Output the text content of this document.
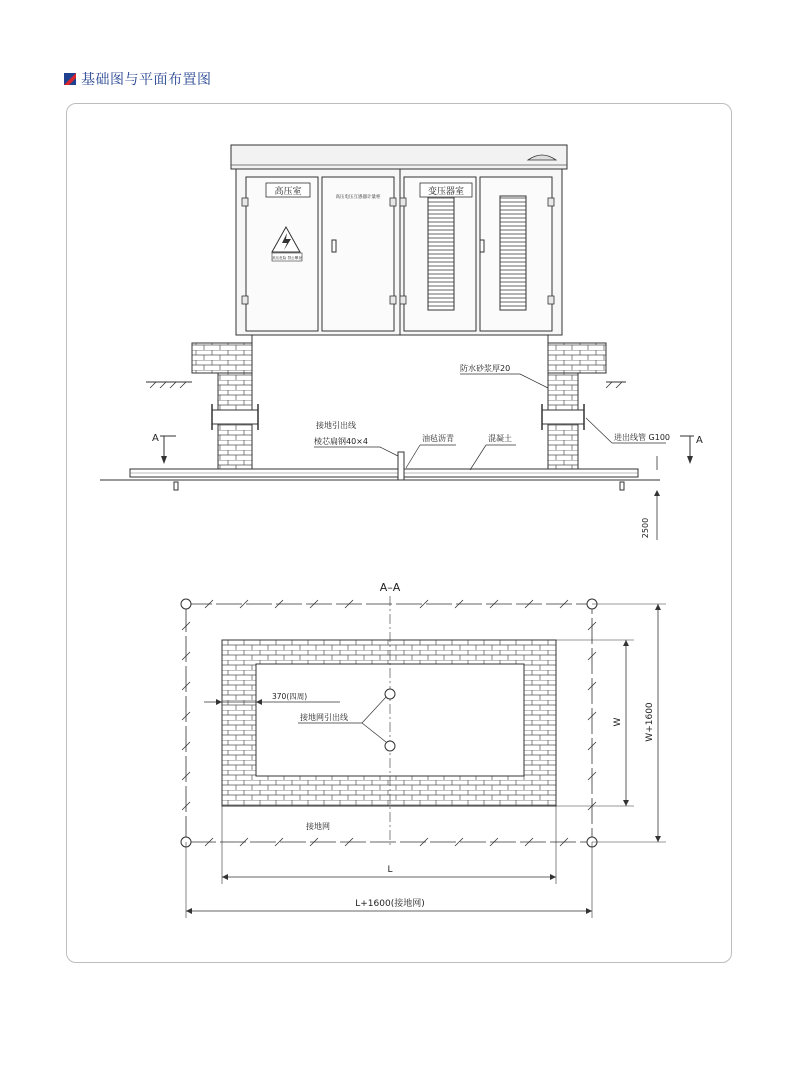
基础图与平面布置图
高压室	变压器室
高压电压互感器计量柜
高压危险 禁止攀登
A	A
防水砂浆厚20
接地引出线
棱芯扁钢40×4	油毡沥青	混凝土	进出线管 G100
2500
A–A
接地网引出线
370(四周)
接地网
W W+1600
L
L+1600(接地网)
